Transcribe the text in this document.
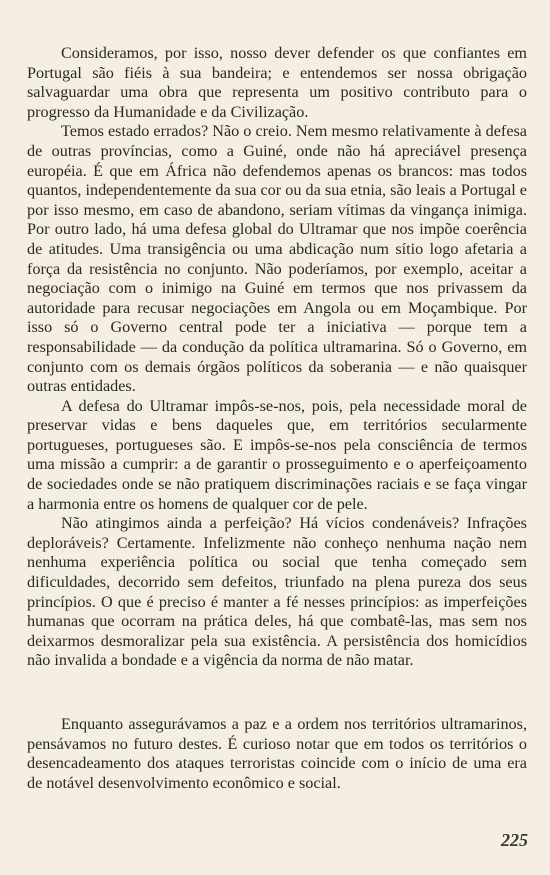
Consideramos, por isso, nosso dever defender os que confiantes em Portugal são fiéis à sua bandeira; e entendemos ser nossa obrigação salvaguardar uma obra que representa um positivo contributo para o progresso da Humanidade e da Civilização.

Temos estado errados? Não o creio. Nem mesmo relativamente à defesa de outras províncias, como a Guiné, onde não há apreciável presença européia. É que em África não defendemos apenas os brancos: mas todos quantos, independentemente da sua cor ou da sua etnia, são leais a Portugal e por isso mesmo, em caso de abandono, seriam vítimas da vingança inimiga. Por outro lado, há uma defesa global do Ultramar que nos impõe coerência de atitudes. Uma transigência ou uma abdicação num sítio logo afetaria a força da resistência no conjunto. Não poderíamos, por exemplo, aceitar a negociação com o inimigo na Guiné em termos que nos privassem da autoridade para recusar negociações em Angola ou em Moçambique. Por isso só o Governo central pode ter a iniciativa — porque tem a responsabilidade — da condução da política ultramarina. Só o Governo, em conjunto com os demais órgãos políticos da soberania — e não quaisquer outras entidades.

A defesa do Ultramar impôs-se-nos, pois, pela necessidade moral de preservar vidas e bens daqueles que, em territórios secularmente portugueses, portugueses são. E impôs-se-nos pela consciência de termos uma missão a cumprir: a de garantir o prosseguimento e o aperfeiçoamento de sociedades onde se não pratiquem discriminações raciais e se faça vingar a harmonia entre os homens de qualquer cor de pele.

Não atingimos ainda a perfeição? Há vícios condenáveis? Infrações deploráveis? Certamente. Infelizmente não conheço nenhuma nação nem nenhuma experiência política ou social que tenha começado sem dificuldades, decorrido sem defeitos, triunfado na plena pureza dos seus princípios. O que é preciso é manter a fé nesses princípios: as imperfeições humanas que ocorram na prática deles, há que combatê-las, mas sem nos deixarmos desmoralizar pela sua existência. A persistência dos homicídios não invalida a bondade e a vigência da norma de não matar.

Enquanto assegurávamos a paz e a ordem nos territórios ultramarinos, pensávamos no futuro destes. É curioso notar que em todos os territórios o desencadeamento dos ataques terroristas coincide com o início de uma era de notável desenvolvimento econômico e social.

225
